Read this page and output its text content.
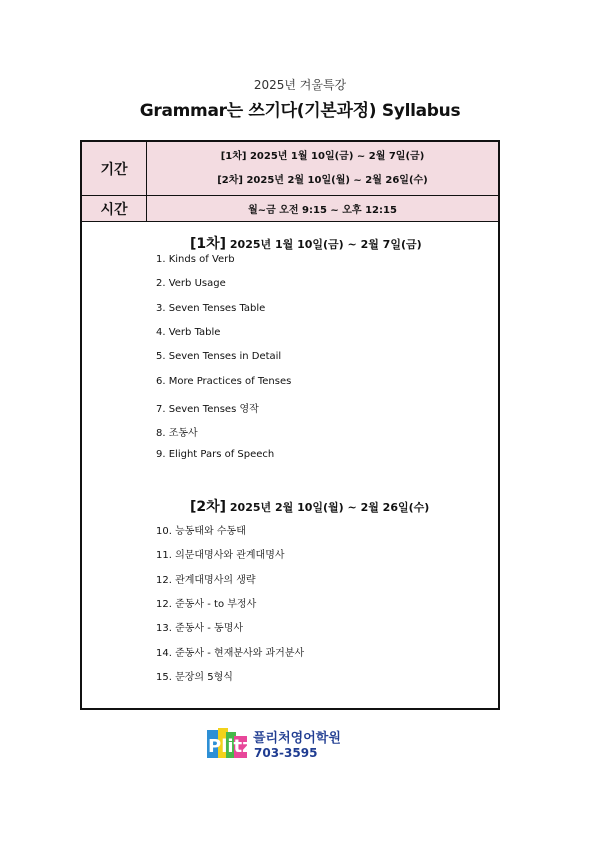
2025년 겨울특강
Grammar는 쓰기다(기본과정) Syllabus
기간
[1차] 2025년 1월 10일(금) ~ 2월 7일(금)
[2차] 2025년 2월 10일(월) ~ 2월 26일(수)
시간	월~금 오전 9:15 ~ 오후 12:15
[1차] 2025년 1월 10일(금) ~ 2월 7일(금)
1. Kinds of Verb
2. Verb Usage
3. Seven Tenses Table
4. Verb Table
5. Seven Tenses in Detail
6. More Practices of Tenses
7. Seven Tenses 영작
8. 조동사
9. Elight Pars of Speech
[2차] 2025년 2월 10일(월) ~ 2월 26일(수)
10. 능동태와 수동태
11. 의문대명사와 관계대명사
12. 관계대명사의 생략
12. 준동사 - to 부정사
13. 준동사 - 동명사
14. 준동사 - 현재분사와 과거분사
15. 문장의 5형식
Plitz 플리처영어학원
703-3595
